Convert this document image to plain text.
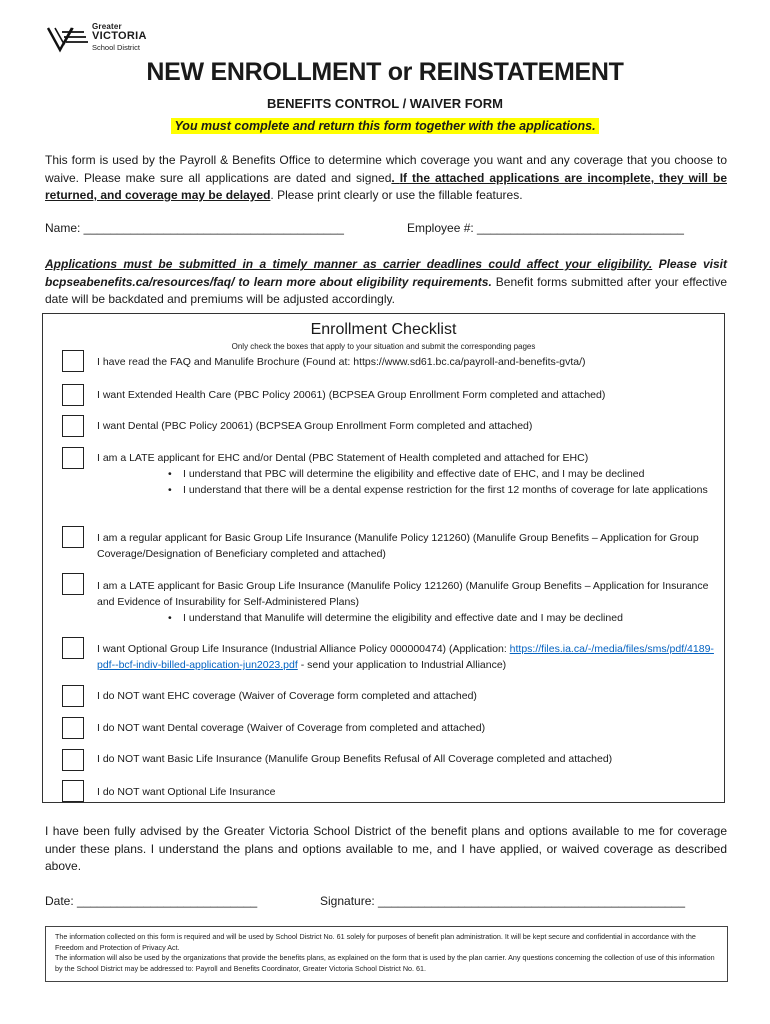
Greater
VICTORIA
School District
NEW ENROLLMENT or REINSTATEMENT
BENEFITS CONTROL / WAIVER FORM
You must complete and return this form together with the applications.
This form is used by the Payroll & Benefits Office to determine which coverage you want and any coverage that you choose to waive. Please make sure all applications are dated and signed. If the attached applications are incomplete, they will be returned, and coverage may be delayed. Please print clearly or use the fillable features.
Name: _______________________________________	Employee #: _______________________________
Applications must be submitted in a timely manner as carrier deadlines could affect your eligibility. Please visit bcpseabenefits.ca/resources/faq/ to learn more about eligibility requirements. Benefit forms submitted after your effective date will be backdated and premiums will be adjusted accordingly.
Enrollment Checklist
Only check the boxes that apply to your situation and submit the corresponding pages
I have read the FAQ and Manulife Brochure (Found at: https://www.sd61.bc.ca/payroll-and-benefits-gvta/)
I want Extended Health Care (PBC Policy 20061) (BCPSEA Group Enrollment Form completed and attached)
I want Dental (PBC Policy 20061) (BCPSEA Group Enrollment Form completed and attached)
I am a LATE applicant for EHC and/or Dental (PBC Statement of Health completed and attached for EHC)
• I understand that PBC will determine the eligibility and effective date of EHC, and I may be declined
• I understand that there will be a dental expense restriction for the first 12 months of coverage for late applications
I am a regular applicant for Basic Group Life Insurance (Manulife Policy 121260) (Manulife Group Benefits – Application for Group Coverage/Designation of Beneficiary completed and attached)
I am a LATE applicant for Basic Group Life Insurance (Manulife Policy 121260) (Manulife Group Benefits – Application for Insurance and Evidence of Insurability for Self-Administered Plans)
• I understand that Manulife will determine the eligibility and effective date and I may be declined
I want Optional Group Life Insurance (Industrial Alliance Policy 000000474) (Application: https://files.ia.ca/-/media/files/sms/pdf/4189-pdf--bcf-indiv-billed-application-jun2023.pdf - send your application to Industrial Alliance)
I do NOT want EHC coverage (Waiver of Coverage form completed and attached)
I do NOT want Dental coverage (Waiver of Coverage from completed and attached)
I do NOT want Basic Life Insurance (Manulife Group Benefits Refusal of All Coverage completed and attached)
I do NOT want Optional Life Insurance
I have been fully advised by the Greater Victoria School District of the benefit plans and options available to me for coverage under these plans. I understand the plans and options available to me, and I have applied, or waived coverage as described above.
Date: ___________________________	Signature: ______________________________________________
The information collected on this form is required and will be used by School District No. 61 solely for purposes of benefit plan administration. It will be kept secure and confidential in accordance with the Freedom and Protection of Privacy Act.
The information will also be used by the organizations that provide the benefits plans, as explained on the form that is used by the plan carrier. Any questions concerning the collection of use of this information by the School District may be addressed to: Payroll and Benefits Coordinator, Greater Victoria School District No. 61.
